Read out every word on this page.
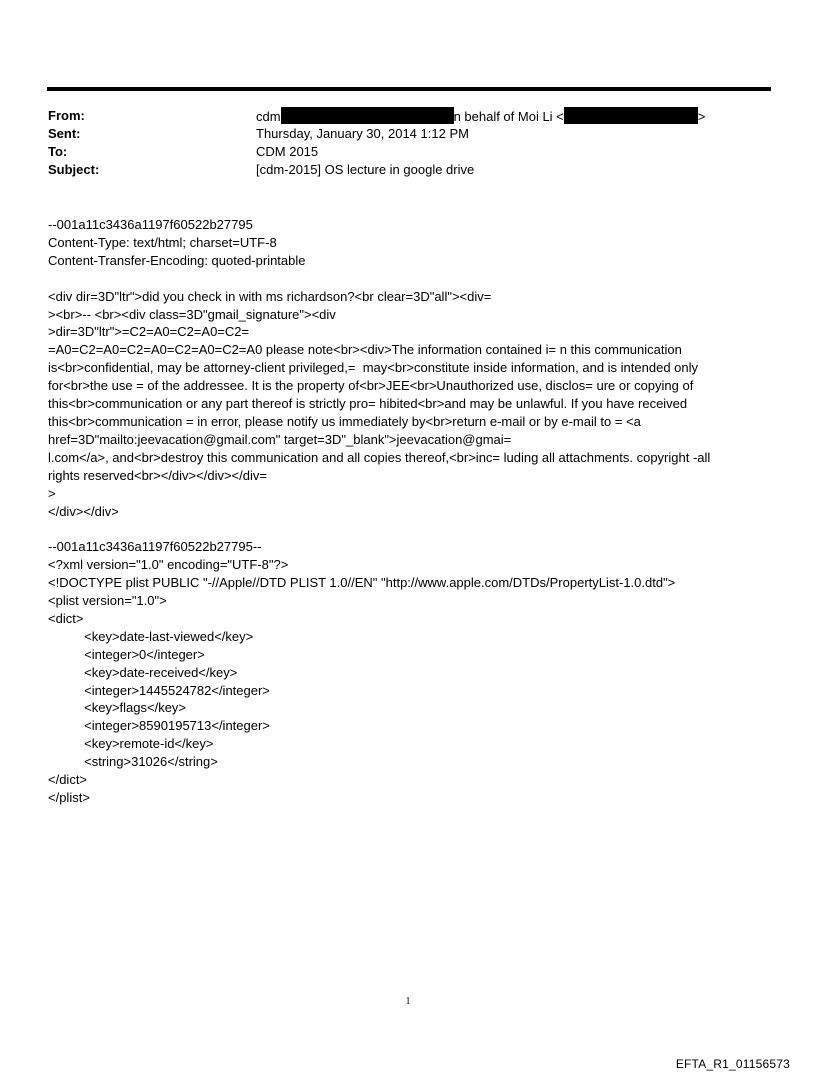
From:	cdm	n behalf of Moi Li <	>
Sent:	Thursday, January 30, 2014 1:12 PM
To:	CDM 2015
Subject:	[cdm-2015] OS lecture in google drive
--001a11c3436a1197f60522b27795
Content-Type: text/html; charset=UTF-8
Content-Transfer-Encoding: quoted-printable

<div dir=3D"ltr">did you check in with ms richardson?<br clear=3D"all"><div=
><br>-- <br><div class=3D"gmail_signature"><div
>dir=3D"ltr">=C2=A0=C2=A0=C2=
=A0=C2=A0=C2=A0=C2=A0=C2=A0 please note<br><div>The information contained i= n this communication
is<br>confidential, may be attorney-client privileged,=  may<br>constitute inside information, and is intended only
for<br>the use = of the addressee. It is the property of<br>JEE<br>Unauthorized use, disclos= ure or copying of
this<br>communication or any part thereof is strictly pro= hibited<br>and may be unlawful. If you have received
this<br>communication = in error, please notify us immediately by<br>return e-mail or by e-mail to = <a
href=3D"mailto:jeevacation@gmail.com" target=3D"_blank">jeevacation@gmai=
l.com</a>, and<br>destroy this communication and all copies thereof,<br>inc= luding all attachments. copyright -all
rights reserved<br></div></div></div=
>
</div></div>

--001a11c3436a1197f60522b27795--
<?xml version="1.0" encoding="UTF-8"?>
<!DOCTYPE plist PUBLIC "-//Apple//DTD PLIST 1.0//EN" "http://www.apple.com/DTDs/PropertyList-1.0.dtd">
<plist version="1.0">
<dict>
<key>date-last-viewed</key>
<integer>0</integer>
<key>date-received</key>
<integer>1445524782</integer>
<key>flags</key>
<integer>8590195713</integer>
<key>remote-id</key>
<string>31026</string>
</dict>
</plist>
1
EFTA_R1_01156573
